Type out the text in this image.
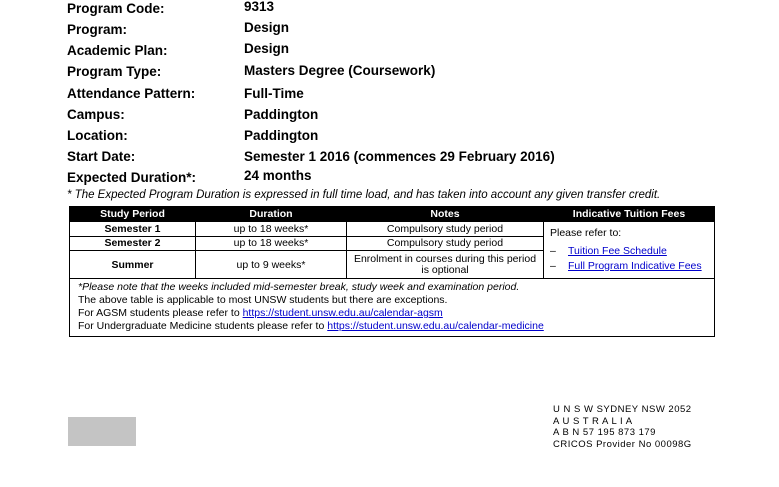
Program Code:	9313
Program:	Design
Academic Plan:	Design
Program Type:	Masters Degree (Coursework)
Attendance Pattern:	Full-Time
Campus:	Paddington
Location:	Paddington
Start Date:	Semester 1 2016 (commences 29 February 2016)
Expected Duration*:	24 months
* The Expected Program Duration is expressed in full time load, and has taken into account any given transfer credit.
Study Period	Duration	Notes	Indicative Tuition Fees
Semester 1	up to 18 weeks*	Compulsory study period	Please refer to:
– Tuition Fee Schedule
– Full Program Indicative Fees

Semester 2	up to 18 weeks*	Compulsory study period	
Summer	up to 9 weeks*	Enrolment in courses during this period is optional	

*Please note that the weeks included mid-semester break, study week and examination period.
The above table is applicable to most UNSW students but there are exceptions.
For AGSM students please refer to https://student.unsw.edu.au/calendar-agsm
For Undergraduate Medicine students please refer to https://student.unsw.edu.au/calendar-medicine			
U N S W SYDNEY NSW 2052
A U S T R A L I A
A B N 57 195 873 179
CRICOS Provider No 00098G
